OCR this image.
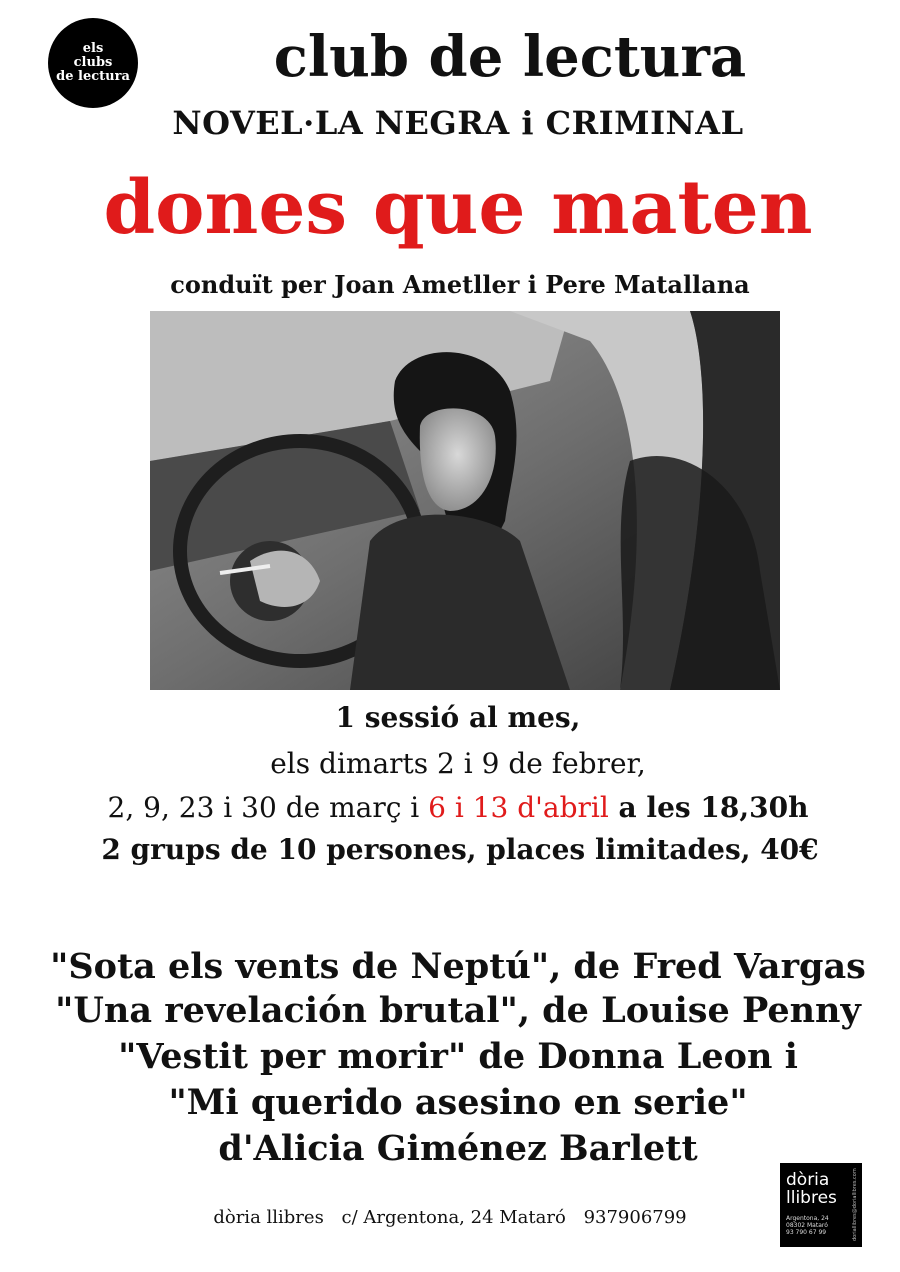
els
clubs
de lectura	club de lectura
NOVEL·LA NEGRA i CRIMINAL
dones que maten
conduït per Joan Ametller i Pere Matallana
1 sessió al mes,
els dimarts 2 i 9 de febrer,
2, 9, 23 i 30 de març i 6 i 13 d'abril a les 18,30h
2 grups de 10 persones, places limitades, 40€
"Sota els vents de Neptú", de Fred Vargas
"Una revelación brutal", de Louise Penny
"Vestit per morir" de Donna Leon i
"Mi querido asesino en serie"
d'Alicia Giménez Barlett
dòria llibres c/ Argentona, 24 Mataró 937906799
dòria
llibres
Argentona, 24
08302 Mataró
93 790 67 99	doriallibres@doriallibres.com
